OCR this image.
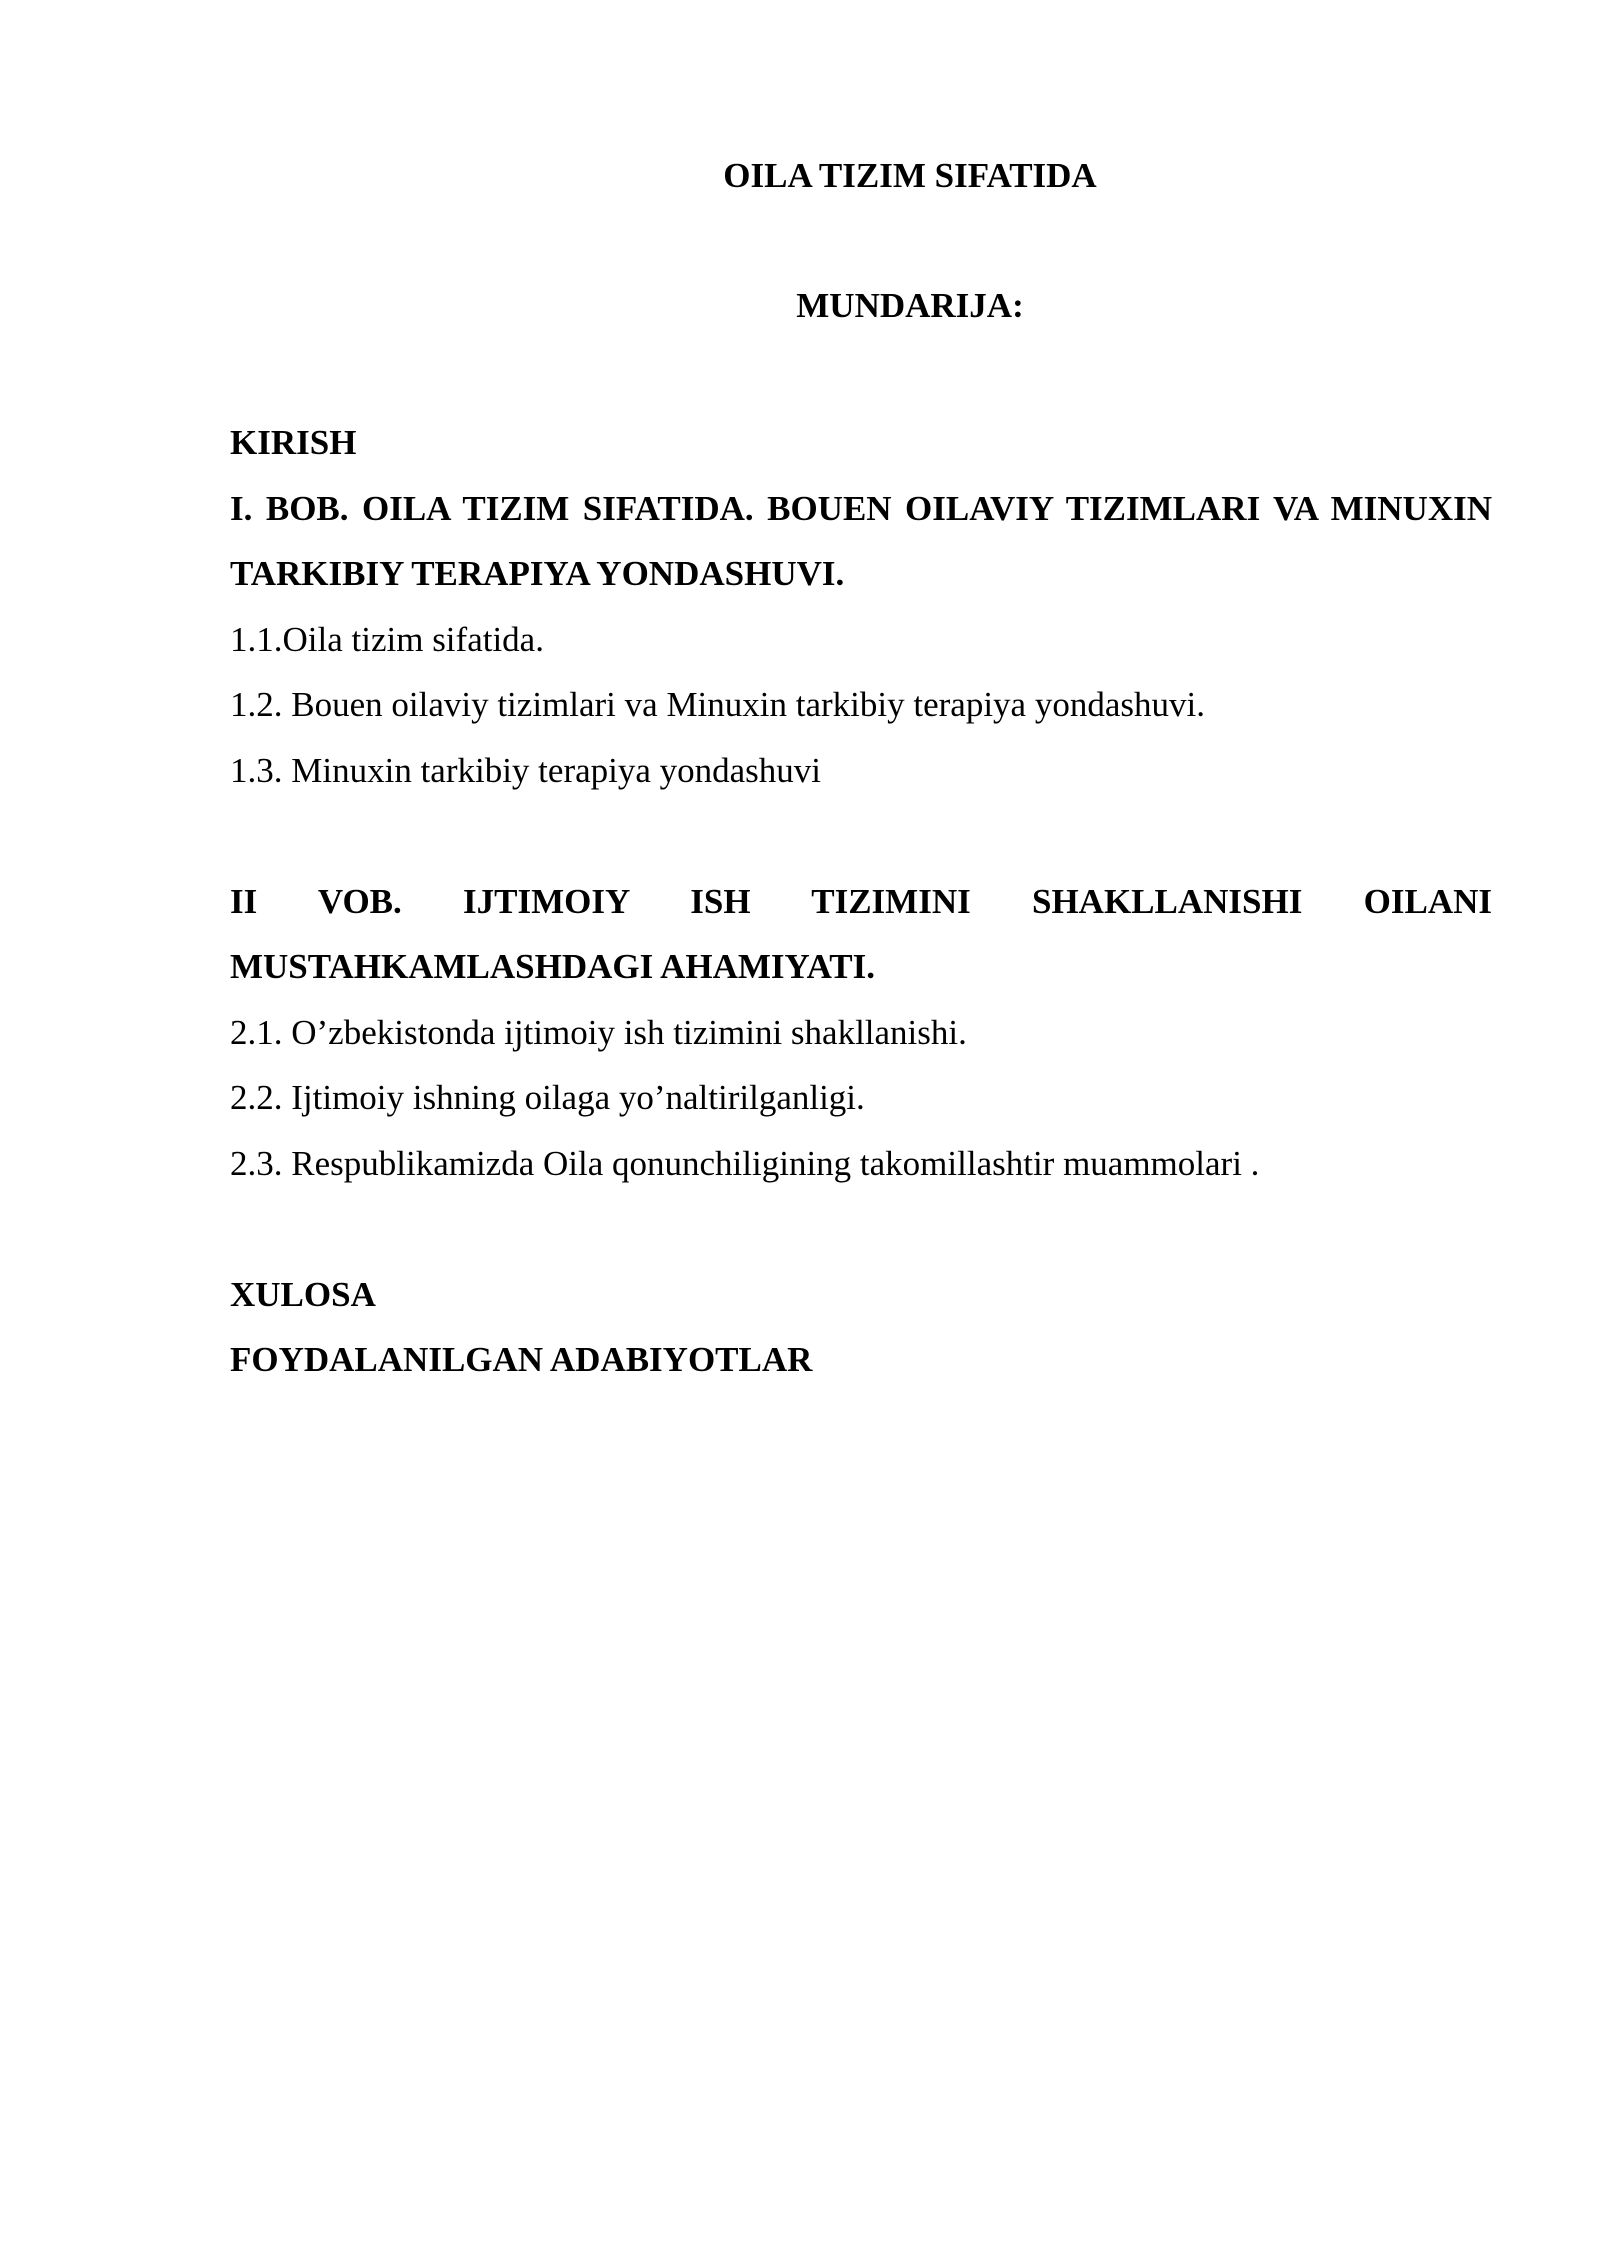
OILA TIZIM SIFATIDA
MUNDARIJA:

KIRISH

I. BOB. OILA TIZIM SIFATIDA. BOUEN OILAVIY TIZIMLARI VA MINUXIN TARKIBIY TERAPIYA YONDASHUVI.

1.1.Oila tizim sifatida.

1.2. Bouen oilaviy tizimlari va Minuxin tarkibiy terapiya yondashuvi.

1.3. Minuxin tarkibiy terapiya yondashuvi

II VOB. IJTIMOIY ISH TIZIMINI SHAKLLANISHI OILANI MUSTAHKAMLASHDAGI AHAMIYATI.

2.1. O’zbekistonda ijtimoiy ish tizimini shakllanishi.

2.2. Ijtimoiy ishning oilaga yo’naltirilganligi.

2.3. Respublikamizda Oila qonunchiligining takomillashtir muammolari .

XULOSA

FOYDALANILGAN ADABIYOTLAR
